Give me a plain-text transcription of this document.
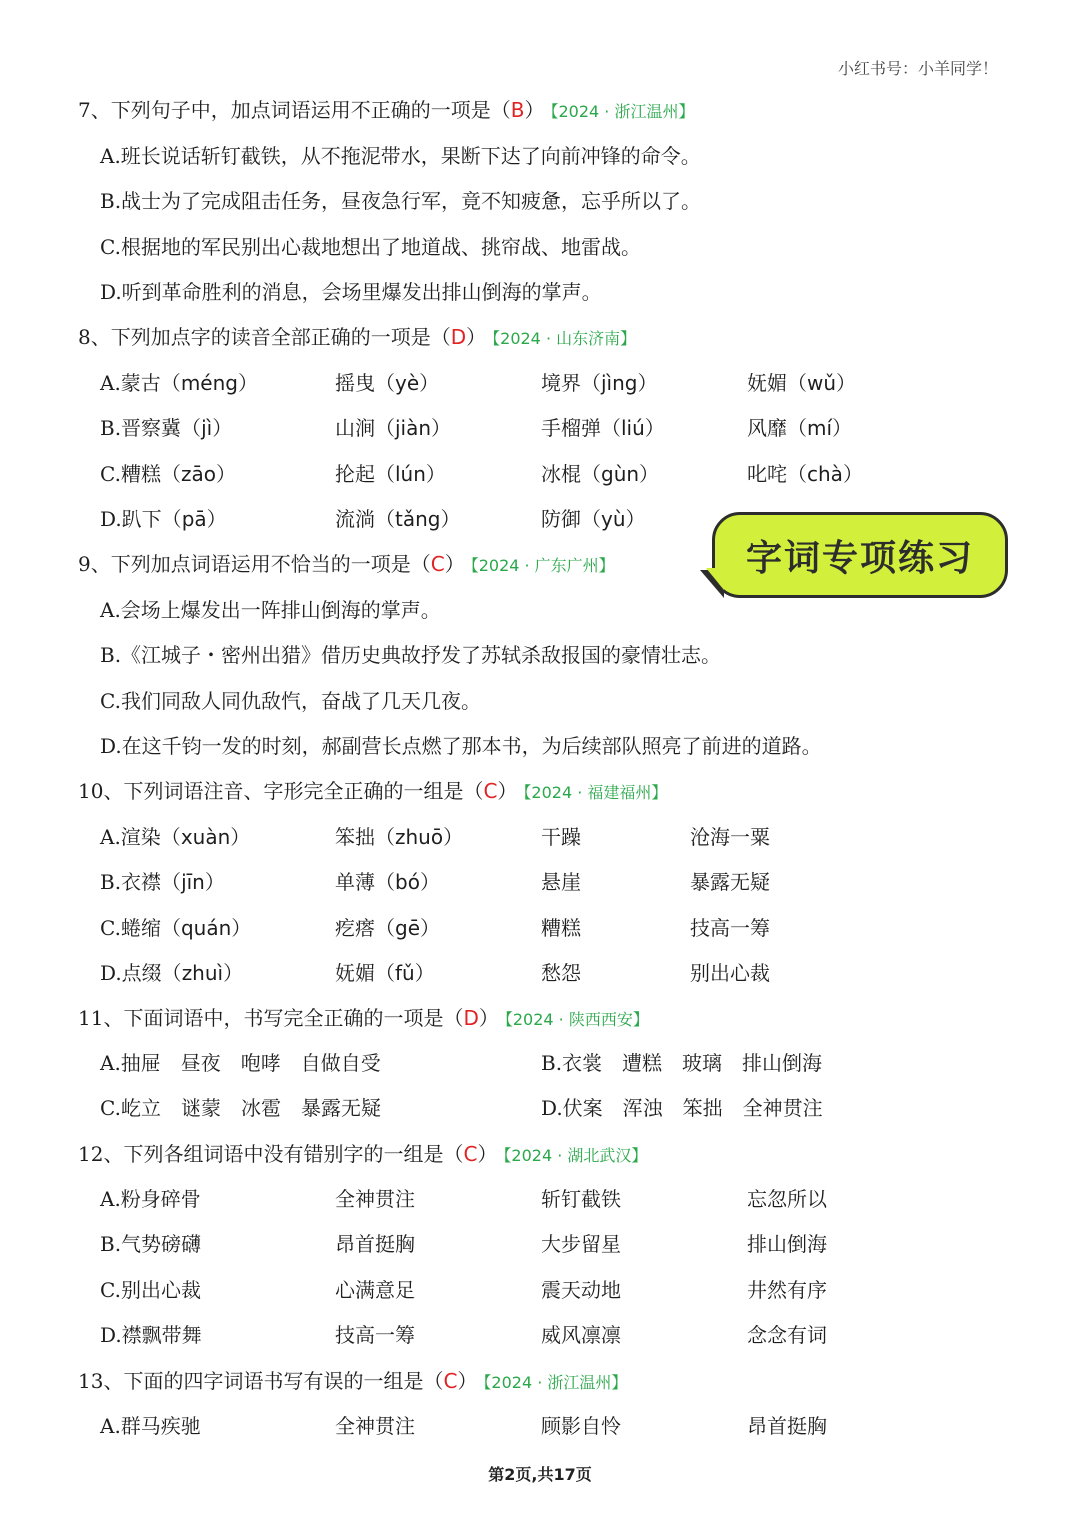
小红书号：小羊同学！
7、下列句子中，加点词语运用不正确的一项是（B） 【2024 · 浙江温州】
A.班长说话斩钉截铁，从不拖泥带水，果断下达了向前冲锋的命令。
B.战士为了完成阻击任务，昼夜急行军，竟不知疲惫，忘乎所以了。
C.根据地的军民别出心裁地想出了地道战、挑帘战、地雷战。
D.听到革命胜利的消息，会场里爆发出排山倒海的掌声。
8、下列加点字的读音全部正确的一项是（D） 【2024 · 山东济南】
A.蒙古（méng）	摇曳（yè）	境界（jìng）	妩媚（wǔ）
B.晋察冀（jì）	山涧（jiàn）	手榴弹（liú）	风靡（mí）
C.糟糕（zāo）	抡起（lún）	冰棍（gùn）	叱咤（chà）
D.趴下（pā）	流淌（tǎng）	防御（yù）
9、下列加点词语运用不恰当的一项是（C） 【2024 · 广东广州】
A.会场上爆发出一阵排山倒海的掌声。
B.《江城子・密州出猎》借历史典故抒发了苏轼杀敌报国的豪情壮志。
C.我们同敌人同仇敌忾，奋战了几天几夜。
D.在这千钧一发的时刻，郝副营长点燃了那本书，为后续部队照亮了前进的道路。
10、下列词语注音、字形完全正确的一组是（C） 【2024 · 福建福州】
A.渲染（xuàn）	笨拙（zhuō）	干躁	沧海一粟
B.衣襟（jīn）	单薄（bó）	悬崖	暴露无疑
C.蜷缩（quán）	疙瘩（gē）	糟糕	技高一筹
D.点缀（zhuì）	妩媚（fǔ）	愁怨	别出心裁
11、下面词语中，书写完全正确的一项是（D） 【2024 · 陕西西安】
A.抽屉　昼夜　咆哮　自做自受	B.衣裳　遭糕　玻璃　排山倒海
C.屹立　谜蒙　冰雹　暴露无疑	D.伏案　浑浊　笨拙　全神贯注
12、下列各组词语中没有错别字的一组是（C） 【2024 · 湖北武汉】
A.粉身碎骨	全神贯注	斩钉截铁	忘忽所以
B.气势磅礴	昂首挺胸	大步留星	排山倒海
C.别出心裁	心满意足	震天动地	井然有序
D.襟飘带舞	技高一筹	威风凛凛	念念有词
13、下面的四字词语书写有误的一组是（C） 【2024 · 浙江温州】
A.群马疾驰	全神贯注	顾影自怜	昂首挺胸
字词专项练习
第2页,共17页
